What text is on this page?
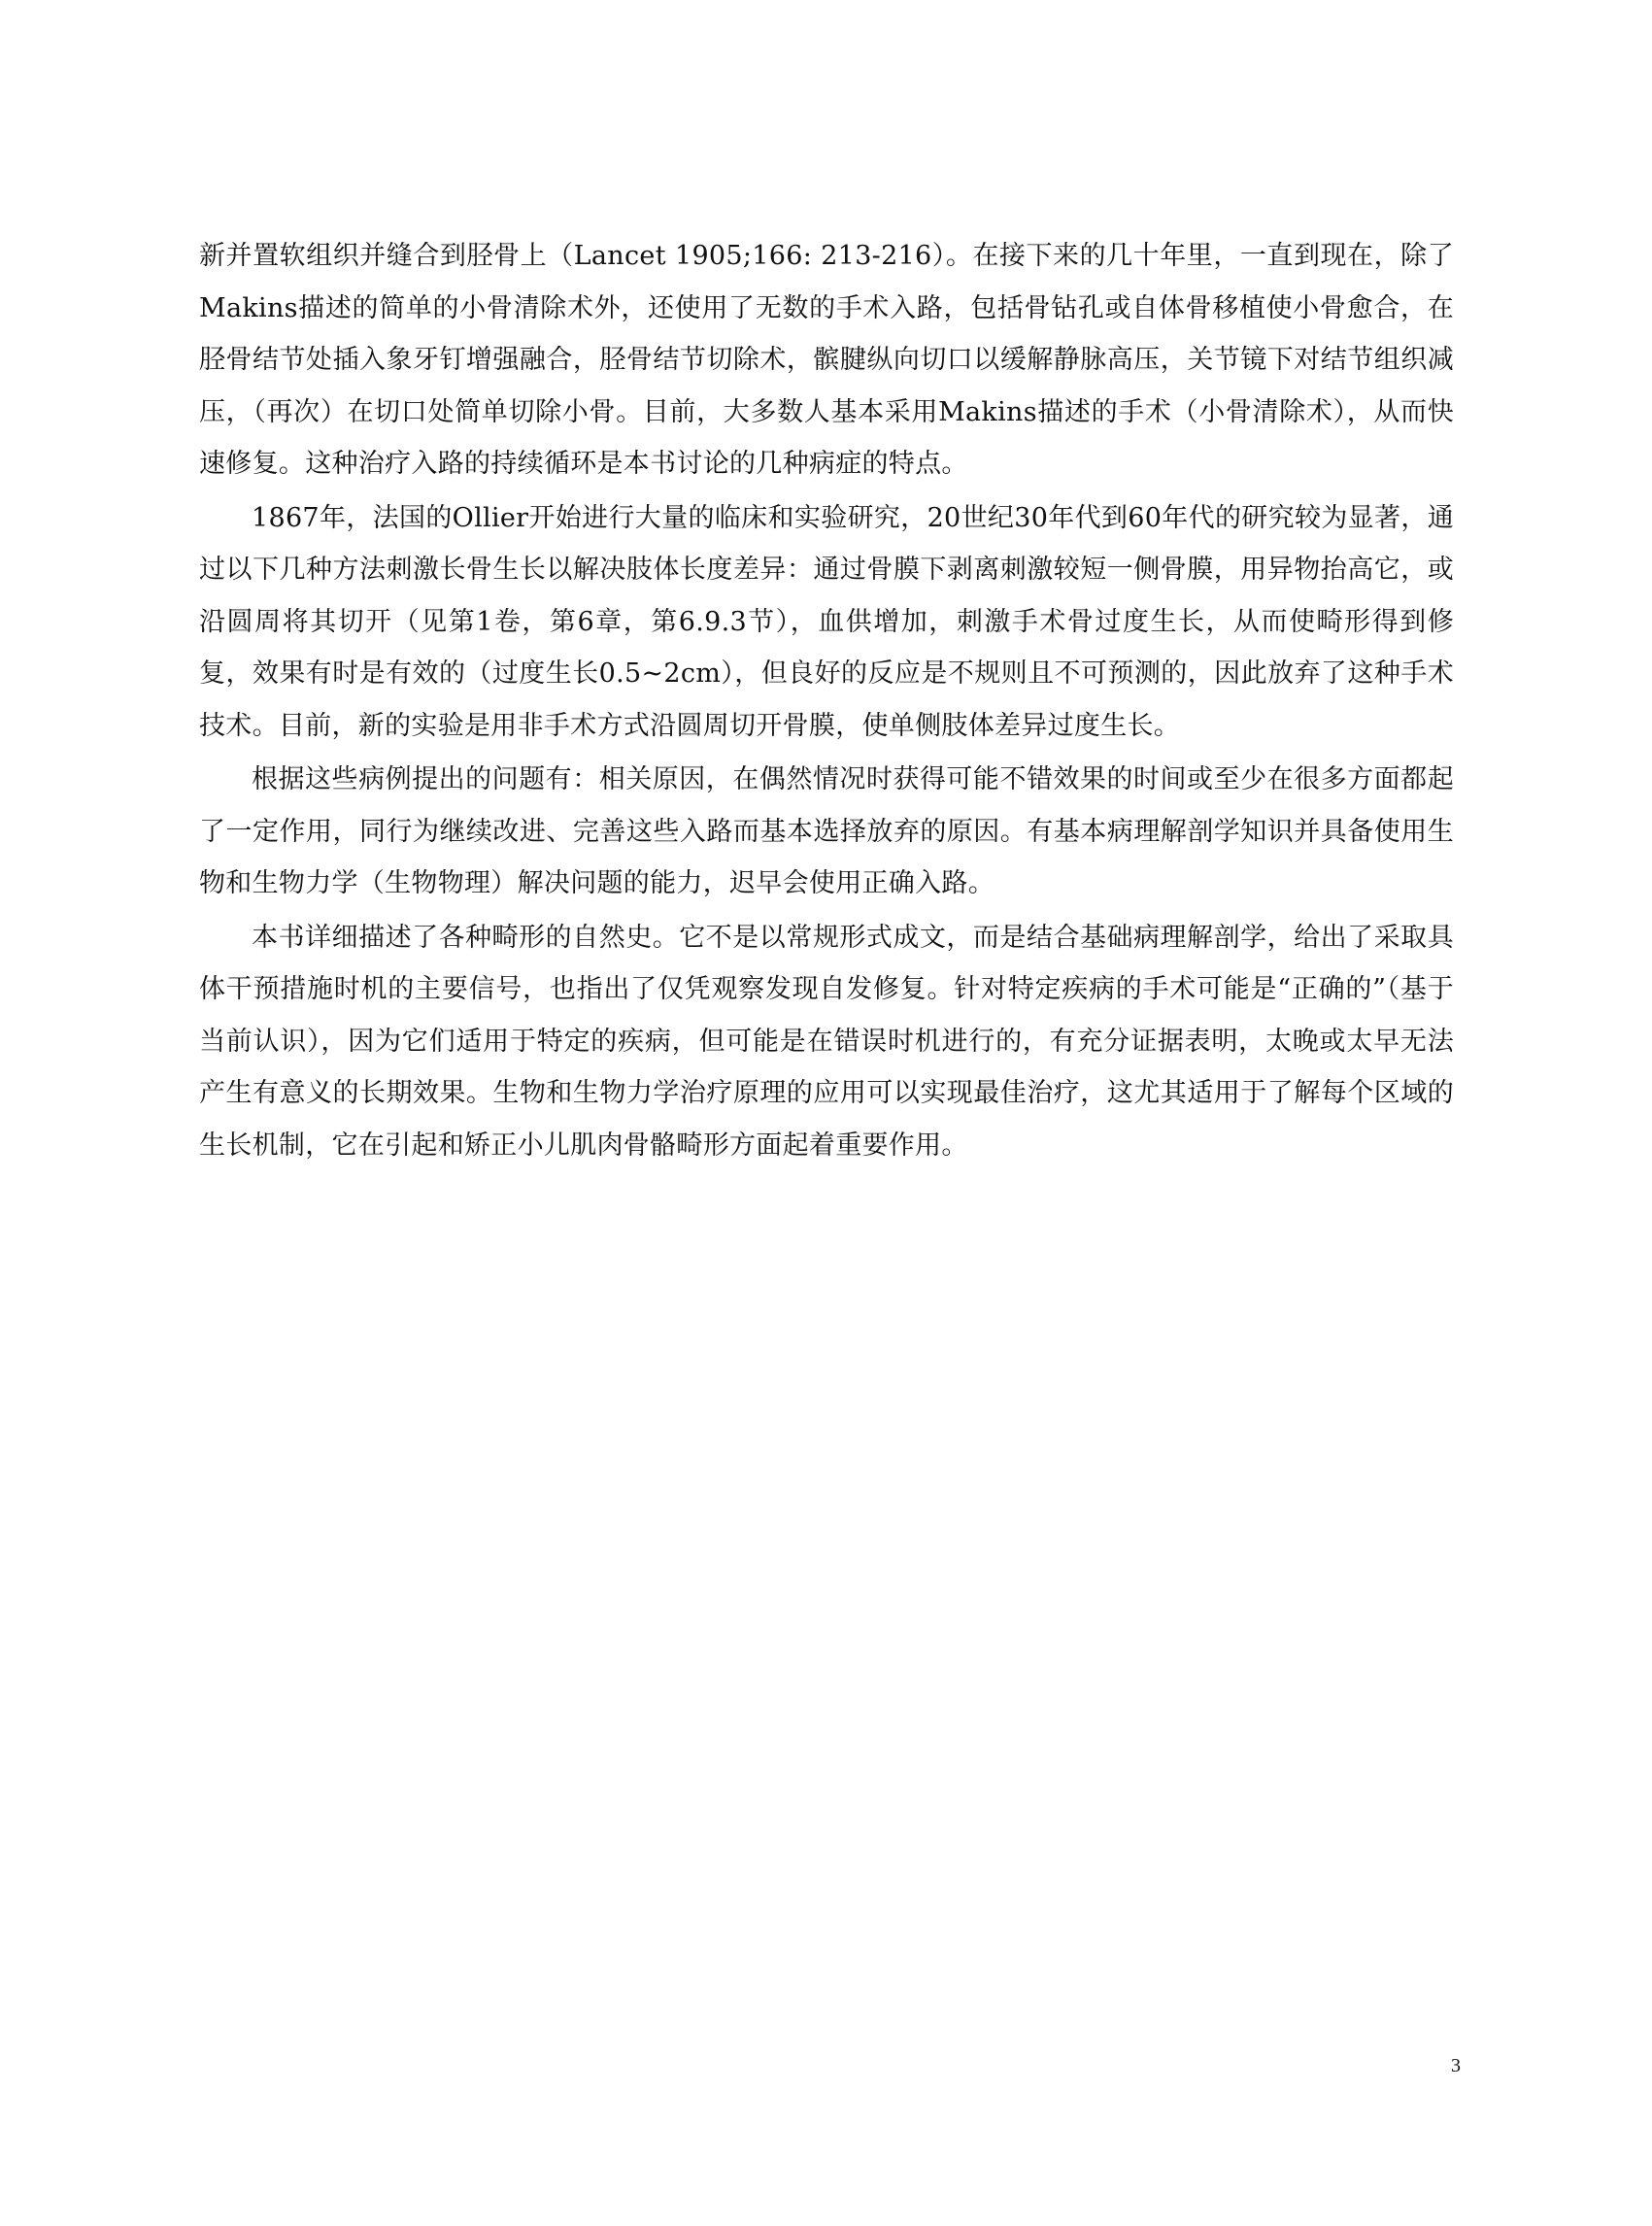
新并置软组织并缝合到胫骨上（Lancet 1905;166: 213-216）。在接下来的几十年里，一直到现在，除了Makins描述的简单的小骨清除术外，还使用了无数的手术入路，包括骨钻孔或自体骨移植使小骨愈合，在胫骨结节处插入象牙钉增强融合，胫骨结节切除术，髌腱纵向切口以缓解静脉高压，关节镜下对结节组织减压，（再次）在切口处简单切除小骨。目前，大多数人基本采用Makins描述的手术（小骨清除术），从而快速修复。这种治疗入路的持续循环是本书讨论的几种病症的特点。

1867年，法国的Ollier开始进行大量的临床和实验研究，20世纪30年代到60年代的研究较为显著，通过以下几种方法刺激长骨生长以解决肢体长度差异：通过骨膜下剥离刺激较短一侧骨膜，用异物抬高它，或沿圆周将其切开（见第1卷，第6章，第6.9.3节），血供增加，刺激手术骨过度生长，从而使畸形得到修复，效果有时是有效的（过度生长0.5~2cm），但良好的反应是不规则且不可预测的，因此放弃了这种手术技术。目前，新的实验是用非手术方式沿圆周切开骨膜，使单侧肢体差异过度生长。

根据这些病例提出的问题有：相关原因，在偶然情况时获得可能不错效果的时间或至少在很多方面都起了一定作用，同行为继续改进、完善这些入路而基本选择放弃的原因。有基本病理解剖学知识并具备使用生物和生物力学（生物物理）解决问题的能力，迟早会使用正确入路。

本书详细描述了各种畸形的自然史。它不是以常规形式成文，而是结合基础病理解剖学，给出了采取具体干预措施时机的主要信号，也指出了仅凭观察发现自发修复。针对特定疾病的手术可能是“正确的”（基于当前认识），因为它们适用于特定的疾病，但可能是在错误时机进行的，有充分证据表明，太晚或太早无法产生有意义的长期效果。生物和生物力学治疗原理的应用可以实现最佳治疗，这尤其适用于了解每个区域的生长机制，它在引起和矫正小儿肌肉骨骼畸形方面起着重要作用。

3
